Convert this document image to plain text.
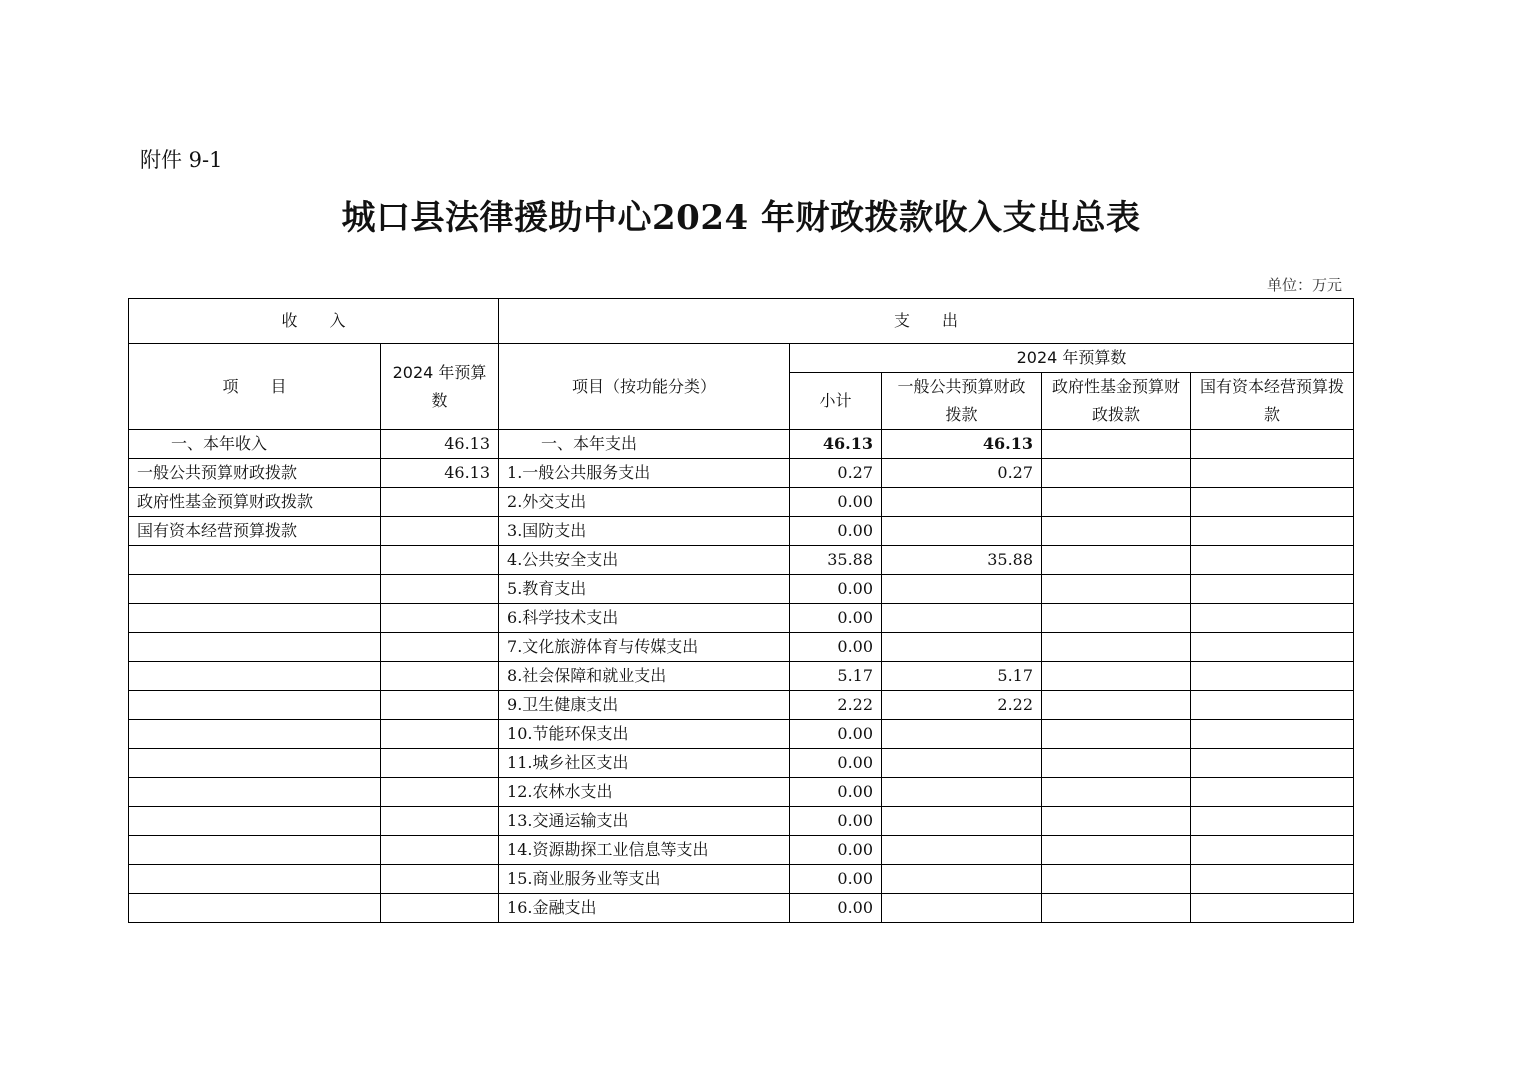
附件 9-1
城口县法律援助中心2024 年财政拨款收入支出总表
单位：万元
收　　入		支　　出				
项　　目	2024 年预算数	项目（按功能分类）	2024 年预算数			
			小计	一般公共预算财政拨款	政府性基金预算财政拨款	国有资本经营预算拨款
一、本年收入	46.13	一、本年支出	46.13	46.13		
一般公共预算财政拨款	46.13	1.一般公共服务支出	0.27	0.27		
政府性基金预算财政拨款		2.外交支出	0.00			
国有资本经营预算拨款		3.国防支出	0.00			
		4.公共安全支出	35.88	35.88		
		5.教育支出	0.00			
		6.科学技术支出	0.00			
		7.文化旅游体育与传媒支出	0.00			
		8.社会保障和就业支出	5.17	5.17		
		9.卫生健康支出	2.22	2.22		
		10.节能环保支出	0.00			
		11.城乡社区支出	0.00			
		12.农林水支出	0.00			
		13.交通运输支出	0.00			
		14.资源勘探工业信息等支出	0.00			
		15.商业服务业等支出	0.00			
		16.金融支出	0.00			
